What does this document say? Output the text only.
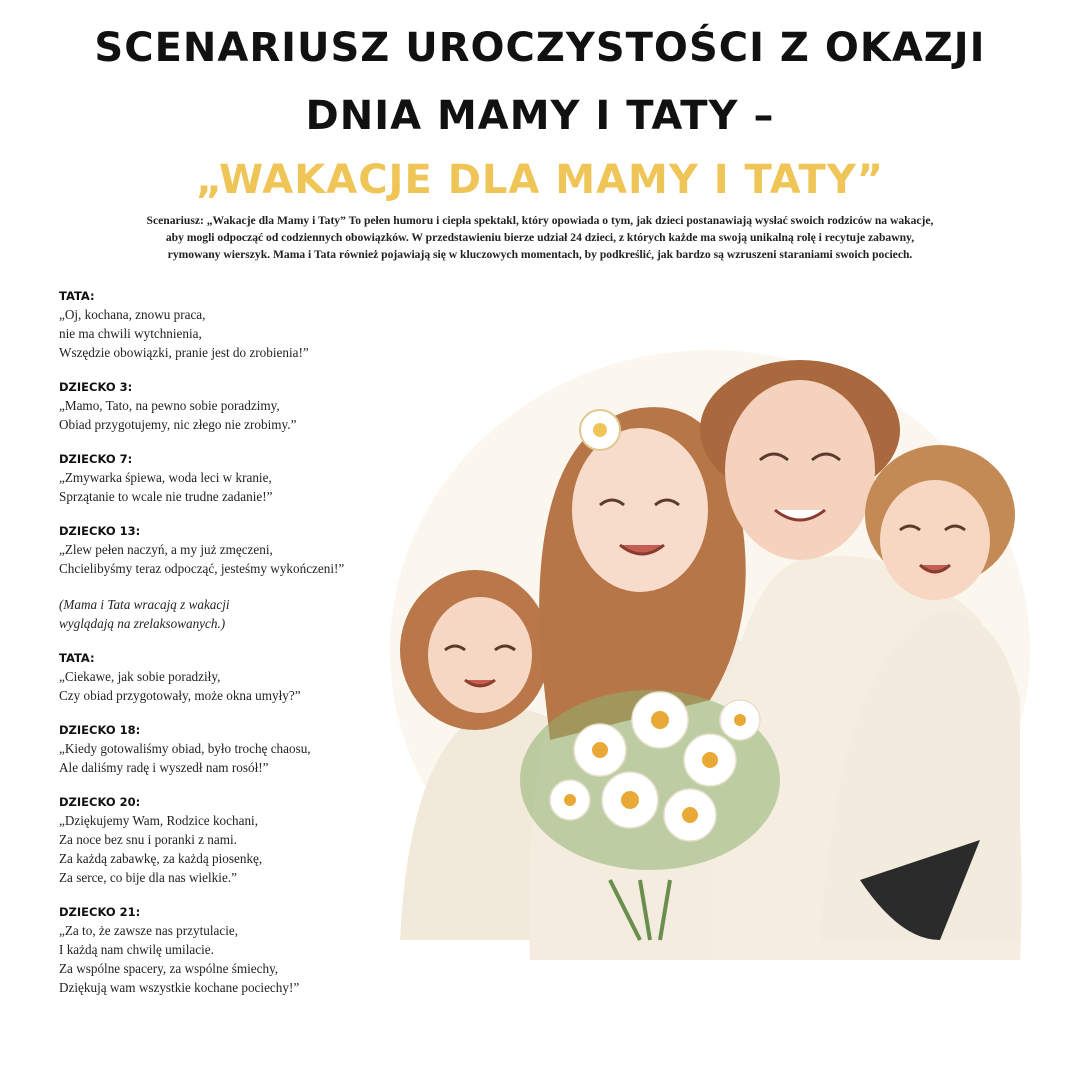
SCENARIUSZ UROCZYSTOŚCI Z OKAZJI
DNIA MAMY I TATY –
„WAKACJE DLA MAMY I TATY”

Scenariusz: „Wakacje dla Mamy i Taty” To pełen humoru i ciepła spektakl, który opowiada o tym, jak dzieci postanawiają wysłać swoich rodziców na wakacje,
aby mogli odpocząć od codziennych obowiązków. W przedstawieniu bierze udział 24 dzieci, z których każde ma swoją unikalną rolę i recytuje zabawny,
rymowany wierszyk. Mama i Tata również pojawiają się w kluczowych momentach, by podkreślić, jak bardzo są wzruszeni staraniami swoich pociech.

TATA:
„Oj, kochana, znowu praca,
nie ma chwili wytchnienia,
Wszędzie obowiązki, pranie jest do zrobienia!”
DZIECKO 3:
„Mamo, Tato, na pewno sobie poradzimy,
Obiad przygotujemy, nic złego nie zrobimy.”
DZIECKO 7:
„Zmywarka śpiewa, woda leci w kranie,
Sprzątanie to wcale nie trudne zadanie!”
DZIECKO 13:
„Zlew pełen naczyń, a my już zmęczeni,
Chcielibyśmy teraz odpocząć, jesteśmy wykończeni!”
(Mama i Tata wracają z wakacji
wyglądają na zrelaksowanych.)
TATA:
„Ciekawe, jak sobie poradziły,
Czy obiad przygotowały, może okna umyły?”
DZIECKO 18:
„Kiedy gotowaliśmy obiad, było trochę chaosu,
Ale daliśmy radę i wyszedł nam rosół!”
DZIECKO 20:
„Dziękujemy Wam, Rodzice kochani,
Za noce bez snu i poranki z nami.
Za każdą zabawkę, za każdą piosenkę,
Za serce, co bije dla nas wielkie.”
DZIECKO 21:
„Za to, że zawsze nas przytulacie,
I każdą nam chwilę umilacie.
Za wspólne spacery, za wspólne śmiechy,
Dziękują wam wszystkie kochane pociechy!”
